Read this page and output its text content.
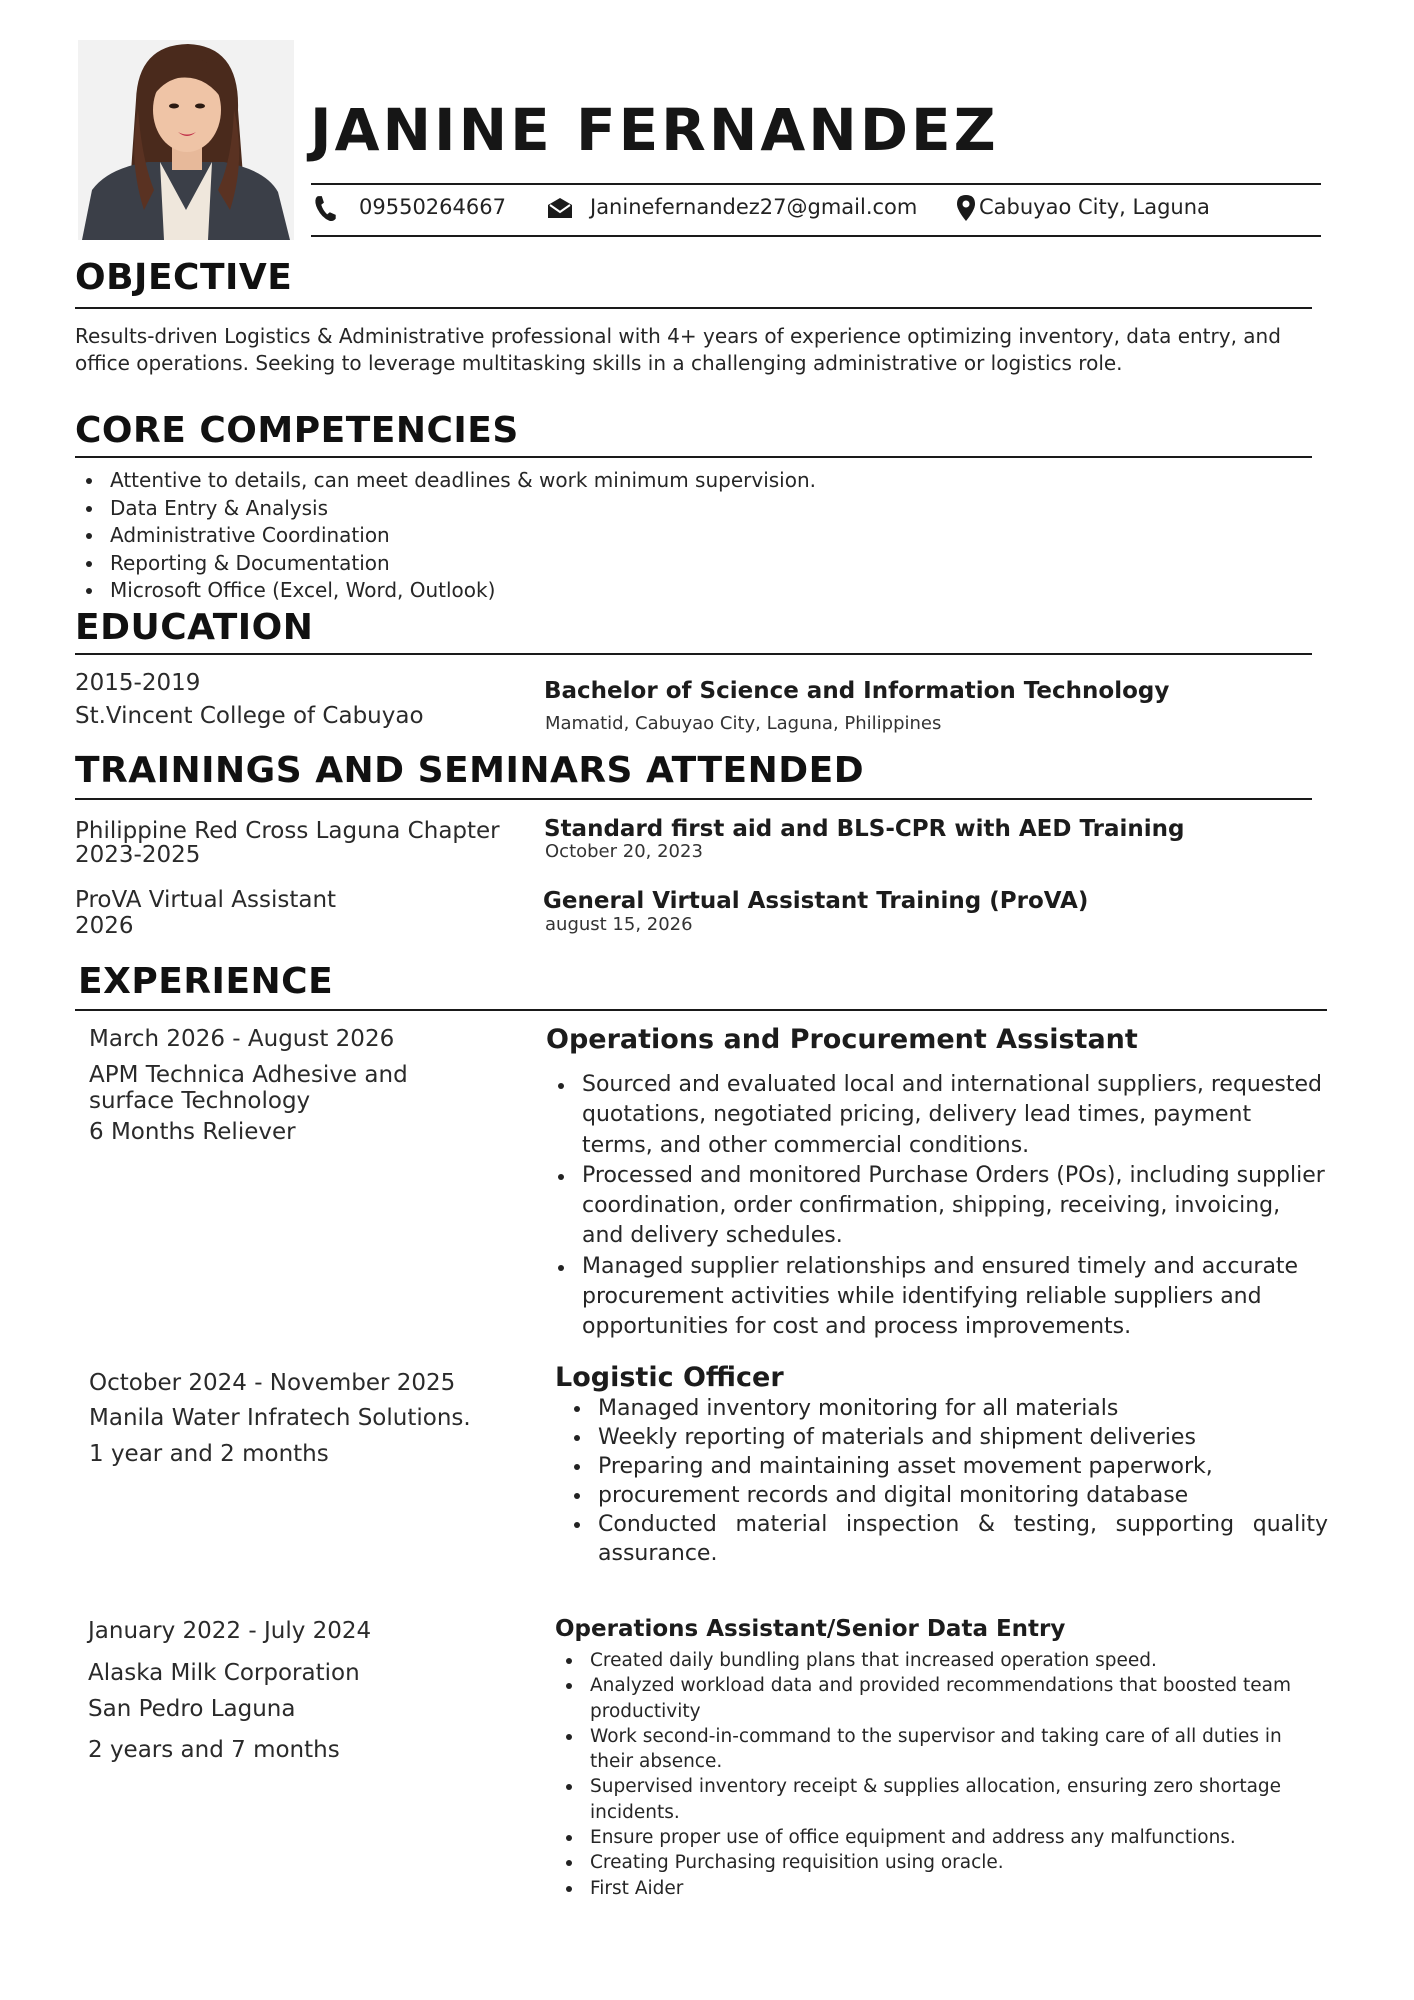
JANINE FERNANDEZ
09550264667	Janinefernandez27@gmail.com	Cabuyao City, Laguna
OBJECTIVE

Results-driven Logistics & Administrative professional with 4+ years of experience optimizing inventory, data entry, and office operations. Seeking to leverage multitasking skills in a challenging administrative or logistics role.

CORE COMPETENCIES
Attentive to details, can meet deadlines & work minimum supervision.
Data Entry & Analysis
Administrative Coordination
Reporting & Documentation
Microsoft Office (Excel, Word, Outlook)
EDUCATION
2015-2019
St.Vincent College of Cabuyao
Bachelor of Science and Information Technology
Mamatid, Cabuyao City, Laguna, Philippines
TRAININGS AND SEMINARS ATTENDED
Philippine Red Cross Laguna Chapter
2023-2025
Standard first aid and BLS-CPR with AED Training
October 20, 2023
ProVA Virtual Assistant
2026
General Virtual Assistant Training (ProVA)
august 15, 2026
EXPERIENCE
March 2026 - August 2026
APM Technica Adhesive and surface Technology
6 Months Reliever
Operations and Procurement Assistant
Sourced and evaluated local and international suppliers, requested quotations, negotiated pricing, delivery lead times, payment terms, and other commercial conditions.
Processed and monitored Purchase Orders (POs), including supplier coordination, order confirmation, shipping, receiving, invoicing, and delivery schedules.
Managed supplier relationships and ensured timely and accurate procurement activities while identifying reliable suppliers and opportunities for cost and process improvements.
October 2024 - November 2025
Manila Water Infratech Solutions.
1 year and 2 months
Logistic Officer
Managed inventory monitoring for all materials
Weekly reporting of materials and shipment deliveries
Preparing and maintaining asset movement paperwork,
procurement records and digital monitoring database
Conducted material inspection & testing, supporting quality assurance.
January 2022 - July 2024
Alaska Milk Corporation
San Pedro Laguna
2 years and 7 months
Operations Assistant/Senior Data Entry
Created daily bundling plans that increased operation speed.
Analyzed workload data and provided recommendations that boosted team productivity
Work second-in-command to the supervisor and taking care of all duties in their absence.
Supervised inventory receipt & supplies allocation, ensuring zero shortage incidents.
Ensure proper use of office equipment and address any malfunctions.
Creating Purchasing requisition using oracle.
First Aider
